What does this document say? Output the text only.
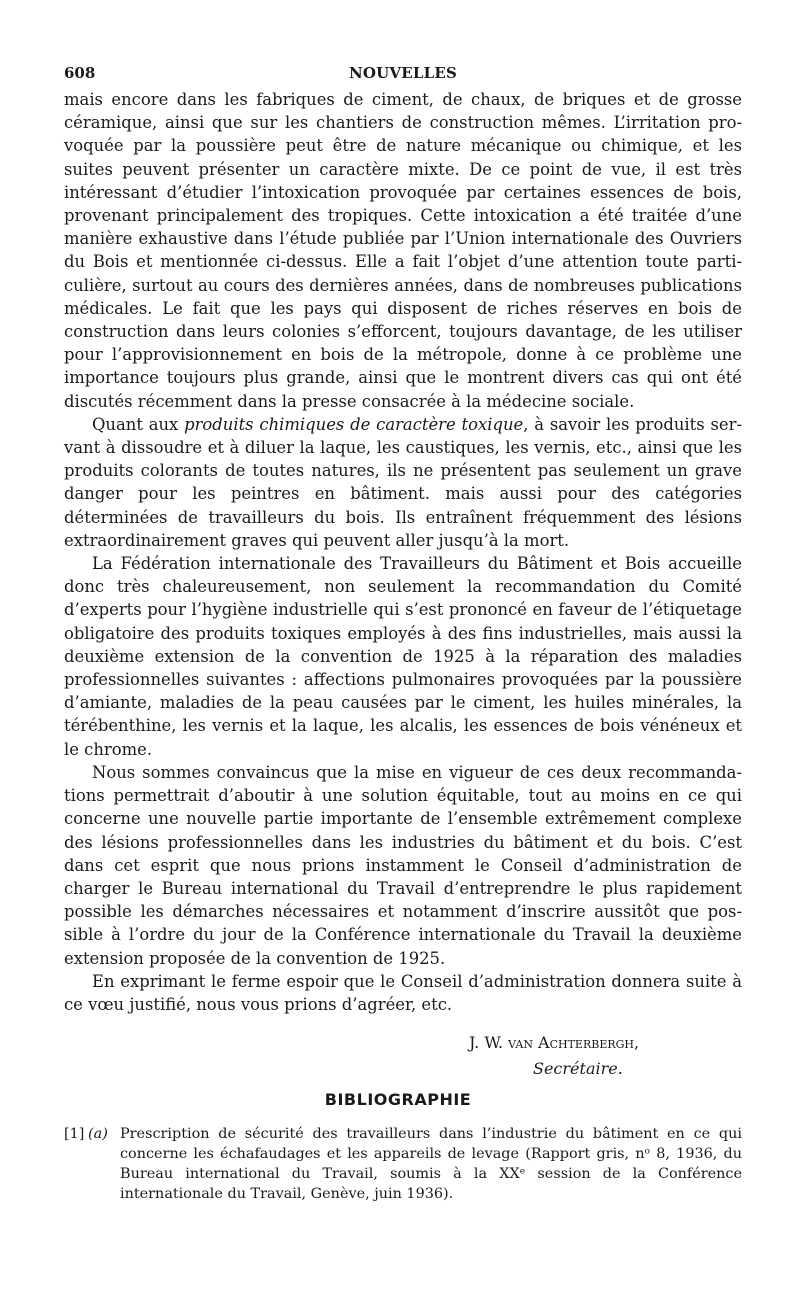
608	NOUVELLES

mais encore dans les fabriques de ciment, de chaux, de briques et de grosse céramique, ainsi que sur les chantiers de construction mêmes. L’irritation provoquée par la poussière peut être de nature mécanique ou chimique, et les suites peuvent présenter un caractère mixte. De ce point de vue, il est très intéressant d’étudier l’intoxication provoquée par certaines essences de bois, provenant principalement des tropiques. Cette intoxication a été traitée d’une manière exhaustive dans l’étude publiée par l’Union internationale des Ouvriers du Bois et mentionnée ci-dessus. Elle a fait l’objet d’une attention toute particulière, surtout au cours des dernières années, dans de nombreuses publications médicales. Le fait que les pays qui disposent de riches réserves en bois de construction dans leurs colonies s’efforcent, toujours davantage, de les utiliser pour l’approvisionnement en bois de la métropole, donne à ce problème une importance toujours plus grande, ainsi que le montrent divers cas qui ont été discutés récemment dans la presse consacrée à la médecine sociale.

Quant aux produits chimiques de caractère toxique, à savoir les produits servant à dissoudre et à diluer la laque, les caustiques, les vernis, etc., ainsi que les produits colorants de toutes natures, ils ne présentent pas seulement un grave danger pour les peintres en bâtiment. mais aussi pour des catégories déterminées de travailleurs du bois. Ils entraînent fréquemment des lésions extraordinairement graves qui peuvent aller jusqu’à la mort.

La Fédération internationale des Travailleurs du Bâtiment et Bois accueille donc très chaleureusement, non seulement la recommandation du Comité d’experts pour l’hygiène industrielle qui s’est prononcé en faveur de l’étiquetage obligatoire des produits toxiques employés à des fins industrielles, mais aussi la deuxième extension de la convention de 1925 à la réparation des maladies professionnelles suivantes : affections pulmonaires provoquées par la poussière d’amiante, maladies de la peau causées par le ciment, les huiles minérales, la térébenthine, les vernis et la laque, les alcalis, les essences de bois vénéneux et le chrome.

Nous sommes convaincus que la mise en vigueur de ces deux recommandations permettrait d’aboutir à une solution équitable, tout au moins en ce qui concerne une nouvelle partie importante de l’ensemble extrêmement complexe des lésions professionnelles dans les industries du bâtiment et du bois. C’est dans cet esprit que nous prions instamment le Conseil d’administration de charger le Bureau international du Travail d’entreprendre le plus rapidement possible les démarches nécessaires et notamment d’inscrire aussitôt que possible à l’ordre du jour de la Conférence internationale du Travail la deuxième extension proposée de la convention de 1925.

En exprimant le ferme espoir que le Conseil d’administration donnera suite à ce vœu justifié, nous vous prions d’agréer, etc.

J. W. van Achterbergh,
Secrétaire.
BIBLIOGRAPHIE
[1] (a) Prescription de sécurité des travailleurs dans l’industrie du bâtiment en ce qui concerne les échafaudages et les appareils de levage (Rapport gris, nᵒ 8, 1936, du Bureau international du Travail, soumis à la XXᵉ session de la Conférence internationale du Travail, Genève, juin 1936).
